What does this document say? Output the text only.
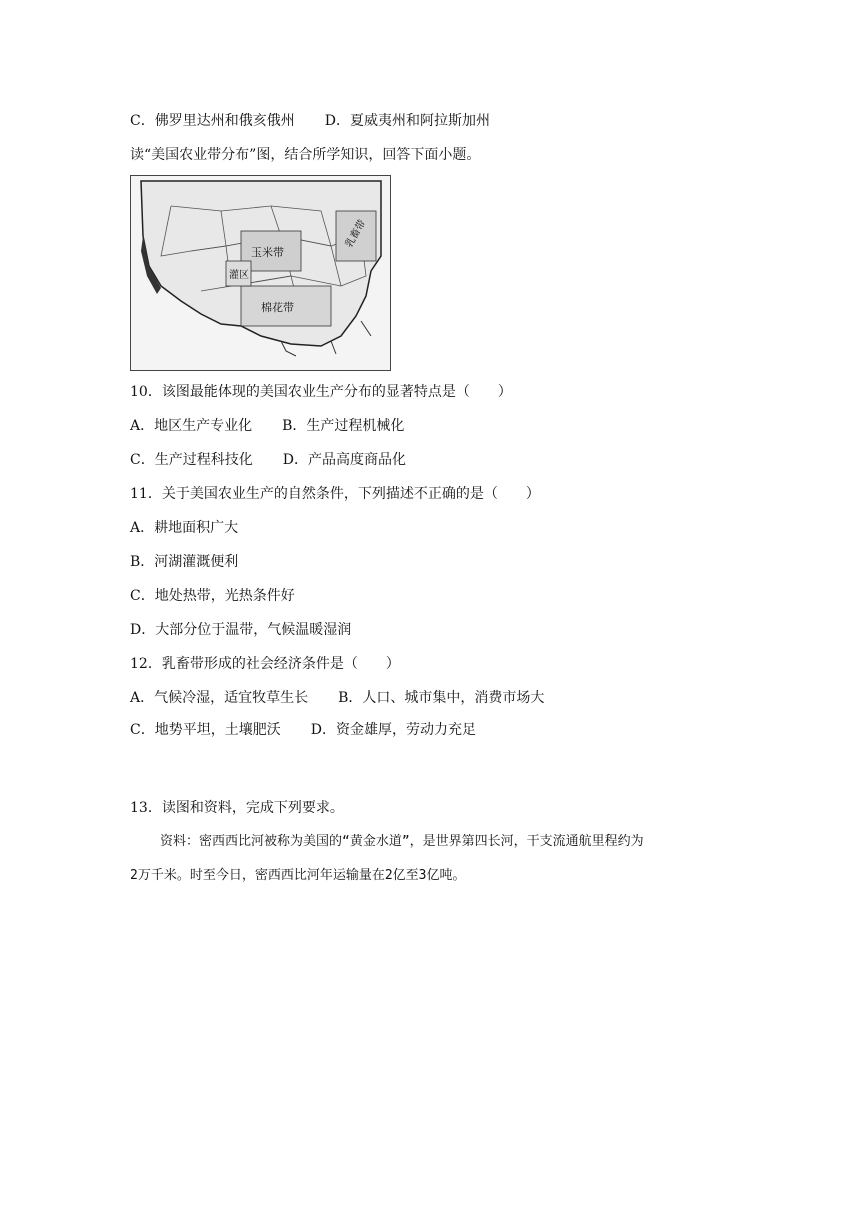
C．佛罗里达州和俄亥俄州 D．夏威夷州和阿拉斯加州
读“美国农业带分布”图，结合所学知识，回答下面小题。
玉米带
乳畜带
棉花带
灌区
10．该图最能体现的美国农业生产分布的显著特点是（　　）
A．地区生产专业化 B．生产过程机械化
C．生产过程科技化 D．产品高度商品化
11．关于美国农业生产的自然条件，下列描述不正确的是（　　）
A．耕地面积广大
B．河湖灌溉便利
C．地处热带，光热条件好
D．大部分位于温带，气候温暖湿润
12．乳畜带形成的社会经济条件是（　　）
A．气候冷湿，适宜牧草生长 B．人口、城市集中，消费市场大
C．地势平坦，土壤肥沃 D．资金雄厚，劳动力充足
13．读图和资料，完成下列要求。
资料：密西西比河被称为美国的“黄金水道”，是世界第四长河，干支流通航里程约为
2万千米。时至今日，密西西比河年运输量在2亿至3亿吨。
